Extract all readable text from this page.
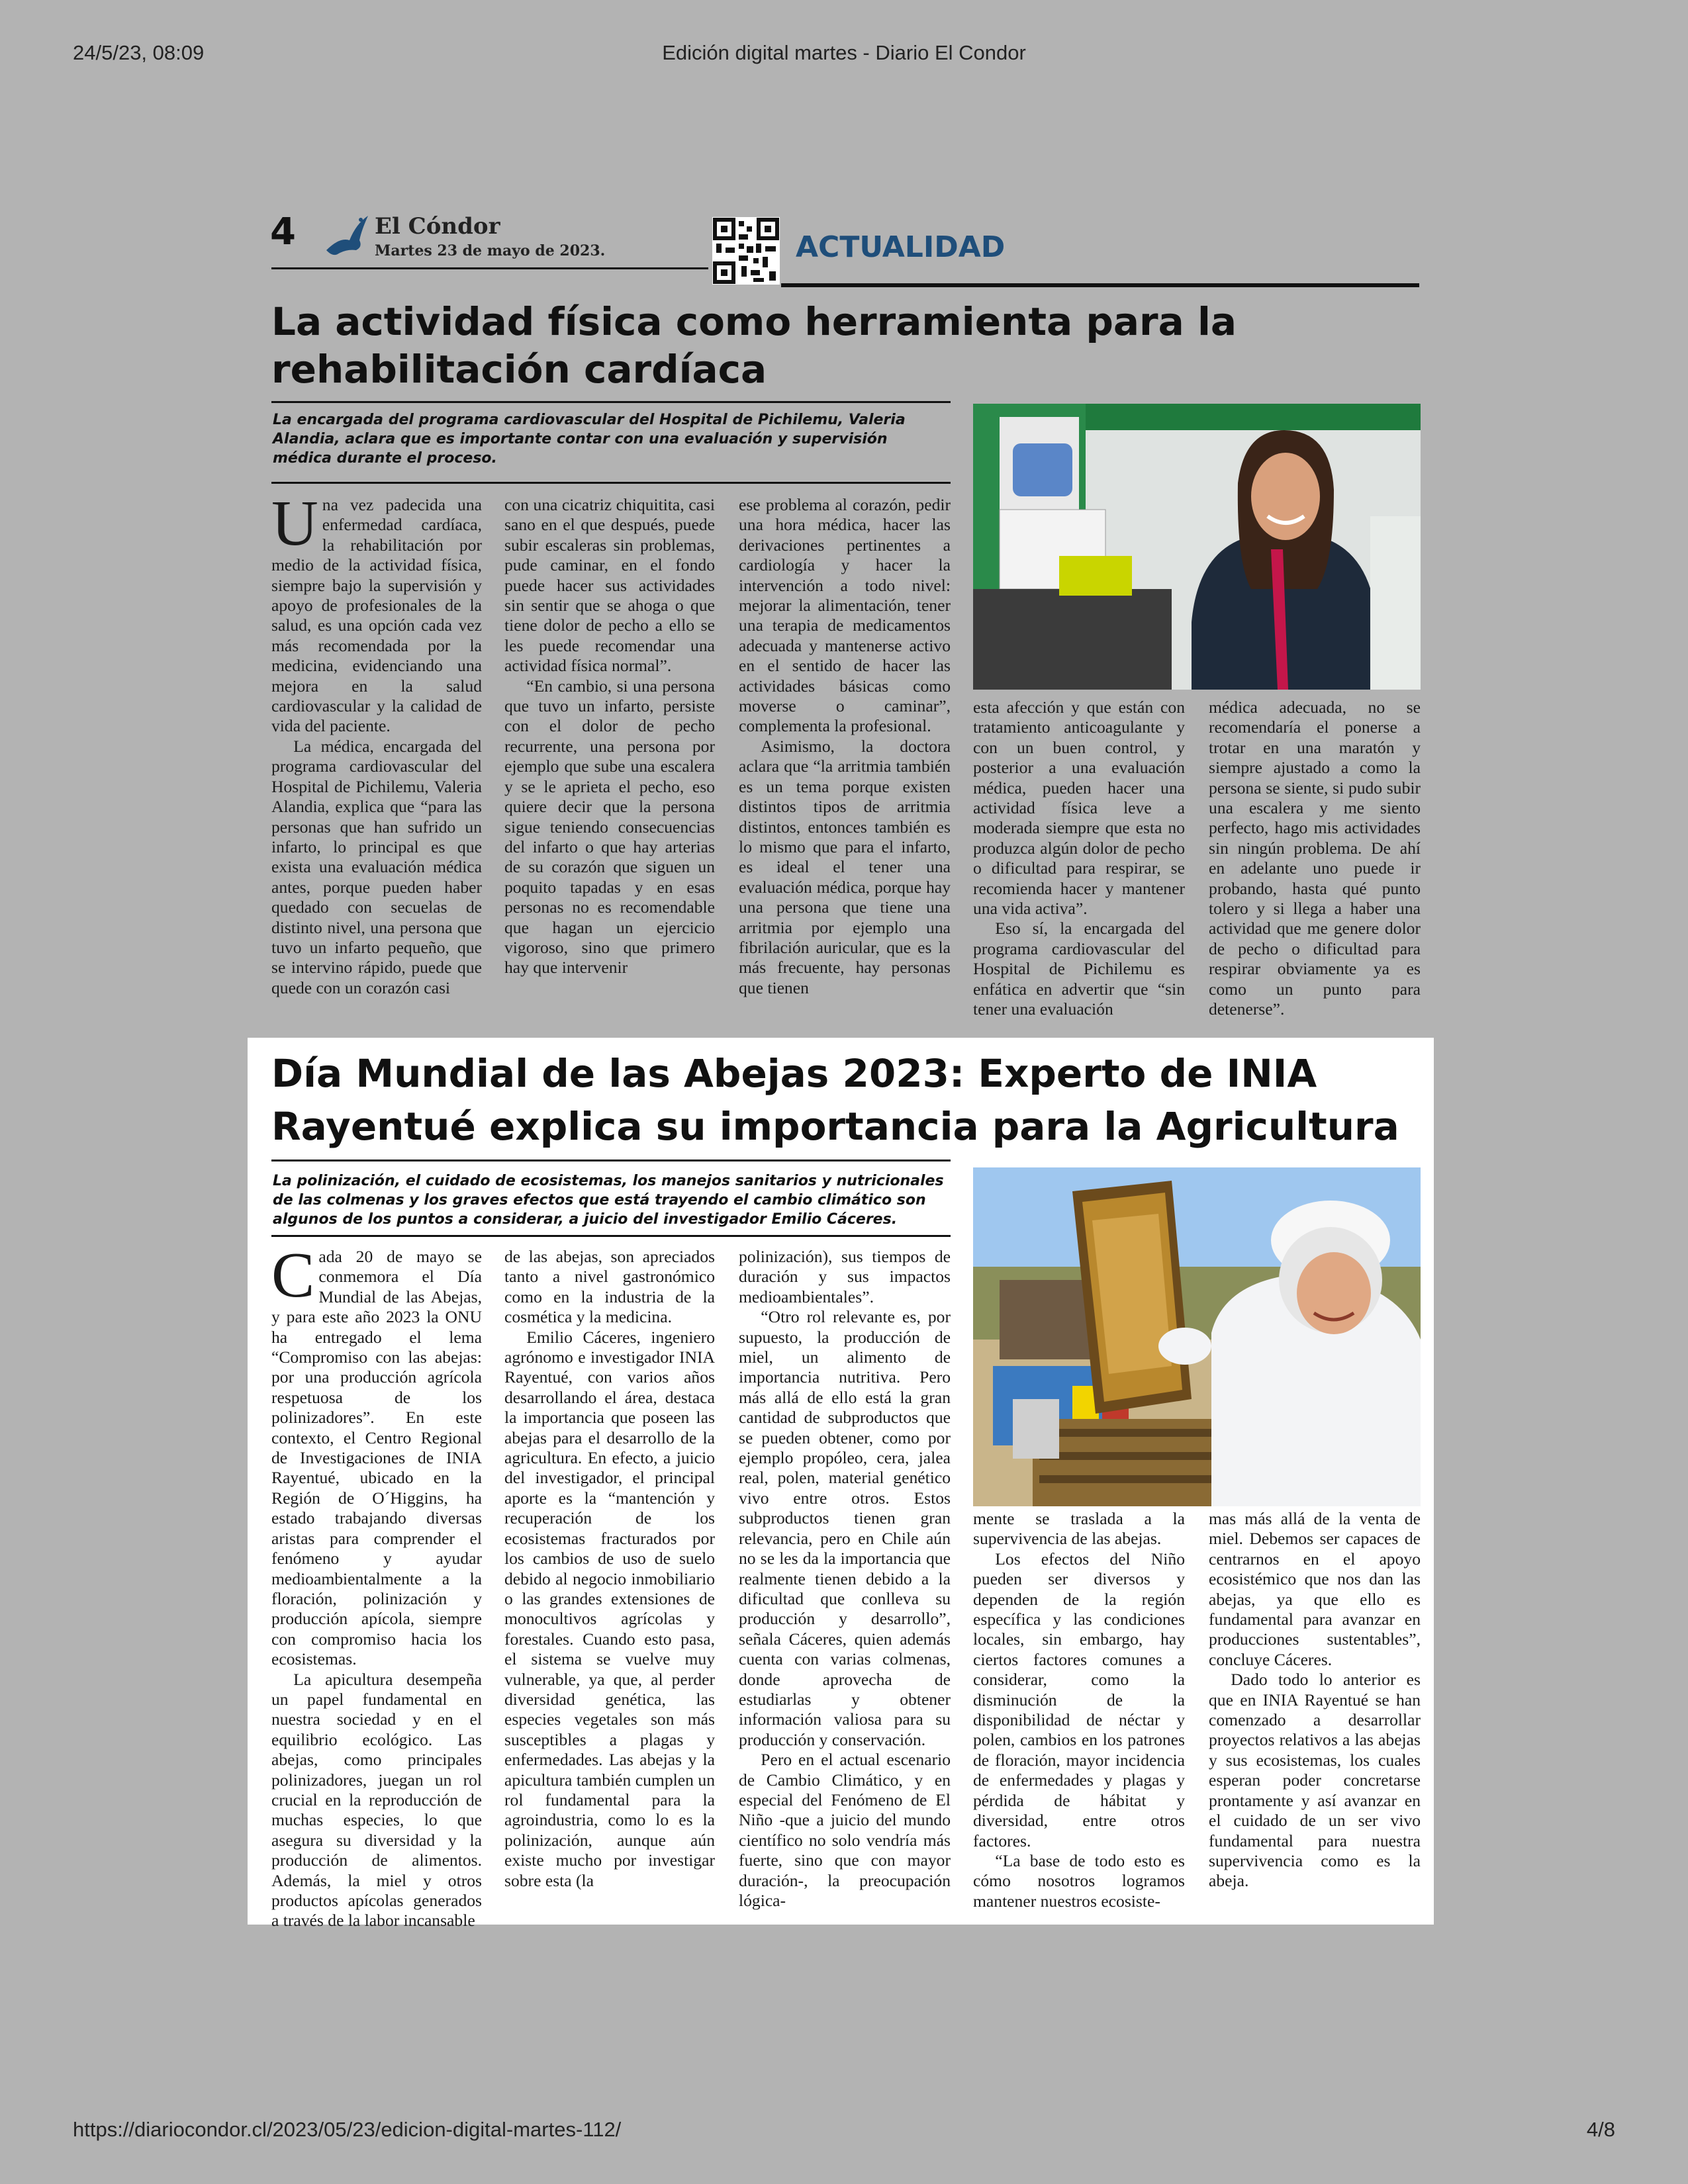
24/5/23, 08:09	Edición digital martes - Diario El Condor
https://diariocondor.cl/2023/05/23/edicion-digital-martes-112/	4/8
4	El Cóndor
Martes 23 de mayo de 2023.	ACTUALIDAD
La actividad física como herramienta para la
rehabilitación cardíaca
La encargada del programa cardiovascular del Hospital de Pichilemu, Valeria Alandia, aclara que es importante contar con una evaluación y supervisión médica durante el proceso.

Una vez padecida una enfermedad cardíaca, la rehabilitación por medio de la actividad física, siempre bajo la supervisión y apoyo de profesionales de la salud, es una opción cada vez más recomendada por la medicina, evidenciando una mejora en la salud cardiovascular y la calidad de vida del paciente.

La médica, encargada del programa cardiovascular del Hospital de Pichilemu, Valeria Alandia, explica que “para las personas que han sufrido un infarto, lo principal es que exista una evaluación médica antes, porque pueden haber quedado con secuelas de distinto nivel, una persona que tuvo un infarto pequeño, que se intervino rápido, puede que quede con un corazón casi

con una cicatriz chiquitita, casi sano en el que después, puede subir escaleras sin problemas, pude caminar, en el fondo puede hacer sus actividades sin sentir que se ahoga o que tiene dolor de pecho a ello se les puede recomendar una actividad física normal”.

“En cambio, si una persona que tuvo un infarto, persiste con el dolor de pecho recurrente, una persona por ejemplo que sube una escalera y se le aprieta el pecho, eso quiere decir que la persona sigue teniendo consecuencias del infarto o que hay arterias de su corazón que siguen un poquito tapadas y en esas personas no es recomendable que hagan un ejercicio vigoroso, sino que primero hay que intervenir

ese problema al corazón, pedir una hora médica, hacer las derivaciones pertinentes a cardiología y hacer la intervención a todo nivel: mejorar la alimentación, tener una terapia de medicamentos adecuada y mantenerse activo en el sentido de hacer las actividades básicas como moverse o caminar”, complementa la profesional.

Asimismo, la doctora aclara que “la arritmia también es un tema porque existen distintos tipos de arritmia distintos, entonces también es lo mismo que para el infarto, es ideal el tener una evaluación médica, porque hay una persona que tiene una arritmia por ejemplo una fibrilación auricular, que es la más frecuente, hay personas que tienen

esta afección y que están con tratamiento anticoagulante y con un buen control, y posterior a una evaluación médica, pueden hacer una actividad física leve a moderada siempre que esta no produzca algún dolor de pecho o dificultad para respirar, se recomienda hacer y mantener una vida activa”.

Eso sí, la encargada del programa cardiovascular del Hospital de Pichilemu es enfática en advertir que “sin tener una evaluación

médica adecuada, no se recomendaría el ponerse a trotar en una maratón y siempre ajustado a como la persona se siente, si pudo subir una escalera y me siento perfecto, hago mis actividades sin ningún problema. De ahí en adelante uno puede ir probando, hasta qué punto tolero y si llega a haber una actividad que me genere dolor de pecho o dificultad para respirar obviamente ya es como un punto para detenerse”.

Día Mundial de las Abejas 2023: Experto de INIA
Rayentué explica su importancia para la Agricultura
La polinización, el cuidado de ecosistemas, los manejos sanitarios y nutricionales de las colmenas y los graves efectos que está trayendo el cambio climático son algunos de los puntos a considerar, a juicio del investigador Emilio Cáceres.

Cada 20 de mayo se conmemora el Día Mundial de las Abejas, y para este año 2023 la ONU ha entregado el lema “Compromiso con las abejas: por una producción agrícola respetuosa de los polinizadores”. En este contexto, el Centro Regional de Investigaciones de INIA Rayentué, ubicado en la Región de O´Higgins, ha estado trabajando diversas aristas para comprender el fenómeno y ayudar medioambientalmente a la floración, polinización y producción apícola, siempre con compromiso hacia los ecosistemas.

La apicultura desempeña un papel fundamental en nuestra sociedad y en el equilibrio ecológico. Las abejas, como principales polinizadores, juegan un rol crucial en la reproducción de muchas especies, lo que asegura su diversidad y la producción de alimentos. Además, la miel y otros productos apícolas generados a través de la labor incansable

de las abejas, son apreciados tanto a nivel gastronómico como en la industria de la cosmética y la medicina.

Emilio Cáceres, ingeniero agrónomo e investigador INIA Rayentué, con varios años desarrollando el área, destaca la importancia que poseen las abejas para el desarrollo de la agricultura. En efecto, a juicio del investigador, el principal aporte es la “mantención y recuperación de los ecosistemas fracturados por los cambios de uso de suelo debido al negocio inmobiliario o las grandes extensiones de monocultivos agrícolas y forestales. Cuando esto pasa, el sistema se vuelve muy vulnerable, ya que, al perder diversidad genética, las especies vegetales son más susceptibles a plagas y enfermedades. Las abejas y la apicultura también cumplen un rol fundamental para la agroindustria, como lo es la polinización, aunque aún existe mucho por investigar sobre esta (la

polinización), sus tiempos de duración y sus impactos medioambientales”.

“Otro rol relevante es, por supuesto, la producción de miel, un alimento de importancia nutritiva. Pero más allá de ello está la gran cantidad de subproductos que se pueden obtener, como por ejemplo propóleo, cera, jalea real, polen, material genético vivo entre otros. Estos subproductos tienen gran relevancia, pero en Chile aún no se les da la importancia que realmente tienen debido a la dificultad que conlleva su producción y desarrollo”, señala Cáceres, quien además cuenta con varias colmenas, donde aprovecha de estudiarlas y obtener información valiosa para su producción y conservación.

Pero en el actual escenario de Cambio Climático, y en especial del Fenómeno de El Niño -que a juicio del mundo científico no solo vendría más fuerte, sino que con mayor duración-, la preocupación lógica-

mente se traslada a la supervivencia de las abejas.

Los efectos del Niño pueden ser diversos y dependen de la región específica y las condiciones locales, sin embargo, hay ciertos factores comunes a considerar, como la disminución de la disponibilidad de néctar y polen, cambios en los patrones de floración, mayor incidencia de enfermedades y plagas y pérdida de hábitat y diversidad, entre otros factores.

“La base de todo esto es cómo nosotros logramos mantener nuestros ecosiste-

mas más allá de la venta de miel. Debemos ser capaces de centrarnos en el apoyo ecosistémico que nos dan las abejas, ya que ello es fundamental para avanzar en producciones sustentables”, concluye Cáceres.

Dado todo lo anterior es que en INIA Rayentué se han comenzado a desarrollar proyectos relativos a las abejas y sus ecosistemas, los cuales esperan poder concretarse prontamente y así avanzar en el cuidado de un ser vivo fundamental para nuestra supervivencia como es la abeja.
